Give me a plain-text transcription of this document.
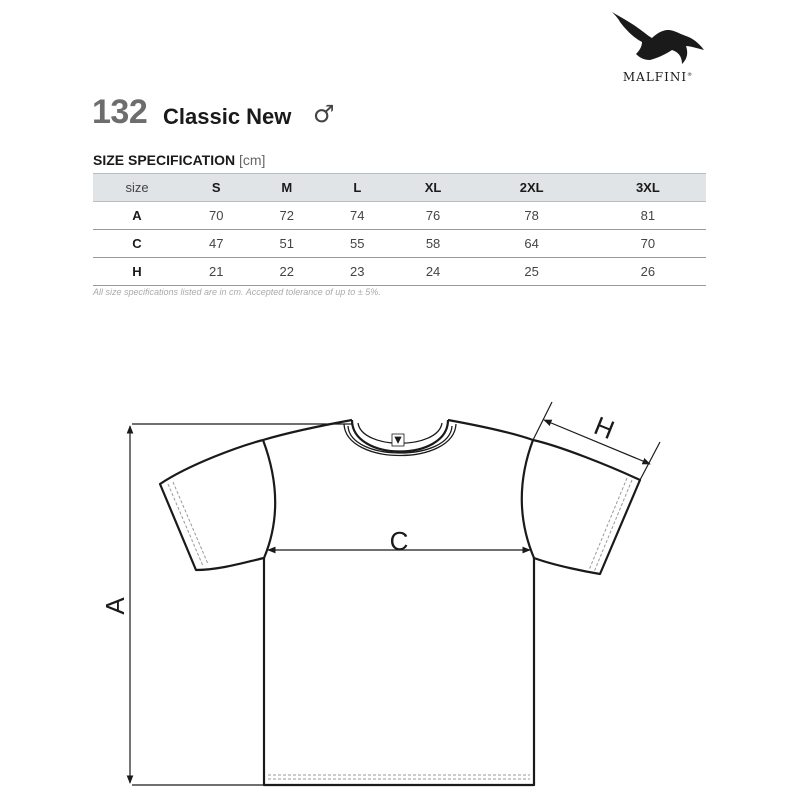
MALFINI®
132 Classic New ♂
SIZE SPECIFICATION [cm]
size	S	M	L	XL	2XL	3XL
A	70	72	74	76	78	81
C	47	51	55	58	64	70
H	21	22	23	24	25	26
All size specifications listed are in cm. Accepted tolerance of up to ± 5%.
A
C
H
